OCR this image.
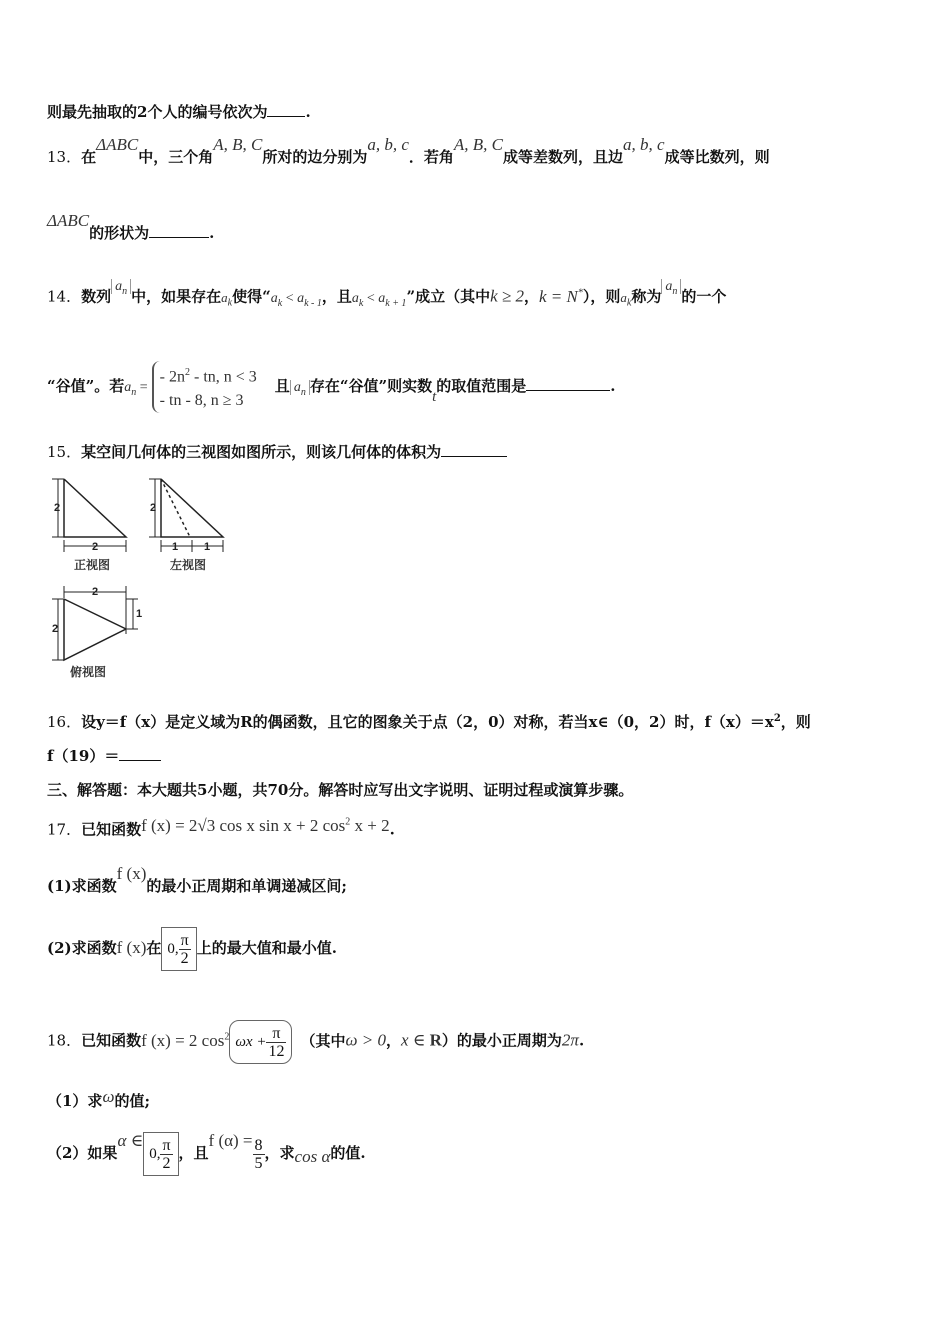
则最先抽取的2个人的编号依次为	.
13．在ΔABC中，三个角A, B, C所对的边分别为a, b, c．若角A, B, C成等差数列，且边a, b, c成等比数列，则
ΔABC的形状为	.
14．数列$a_n$ 中，如果存在$a_k$使得“$a_k < a_{k - 1}$，且$a_k < a_{k + 1}$”成立（其中k ≥ 2，k = N*），则$a_k$称为$a_n$ 的一个
“谷值”。若$a_n$ =
- $2n^2$ - tn, n < 3
- tn - 8, n ≥ 3
且 $a_n$ 存在“谷值”则实数t的取值范围是	.
15．某空间几何体的三视图如图所示，则该几何体的体积为
2
2
2
1 1
2
2
1
正视图	左视图
俯视图
16．设y＝f（x）是定义域为R的偶函数，且它的图象关于点（2，0）对称，若当x∈（0，2）时，$f(x)=x^2$，则
f（19）＝
三、解答题：本大题共5小题，共70分。解答时应写出文字说明、证明过程或演算步骤。
17．已知函数f (x) = 2√3 cos x sin x + 2 $\cos^2 x + 2$.
(1)求函数f (x)的最小正周期和单调递减区间;
(2)求函数f (x)在 0, $\frac{\pi}{2}$ 上的最大值和最小值.
18．已知函数f (x) = 2 $\cos^2 \omega x + \frac{\pi}{12}$ （其中ω > 0，x ∈ R）的最小正周期为2π.
（1）求ω的值;
（2）如果α ∈0, $\frac{\pi}{2}$ ，且f $(\alpha) = \frac{8}{5}$ ，求cos α的值.
